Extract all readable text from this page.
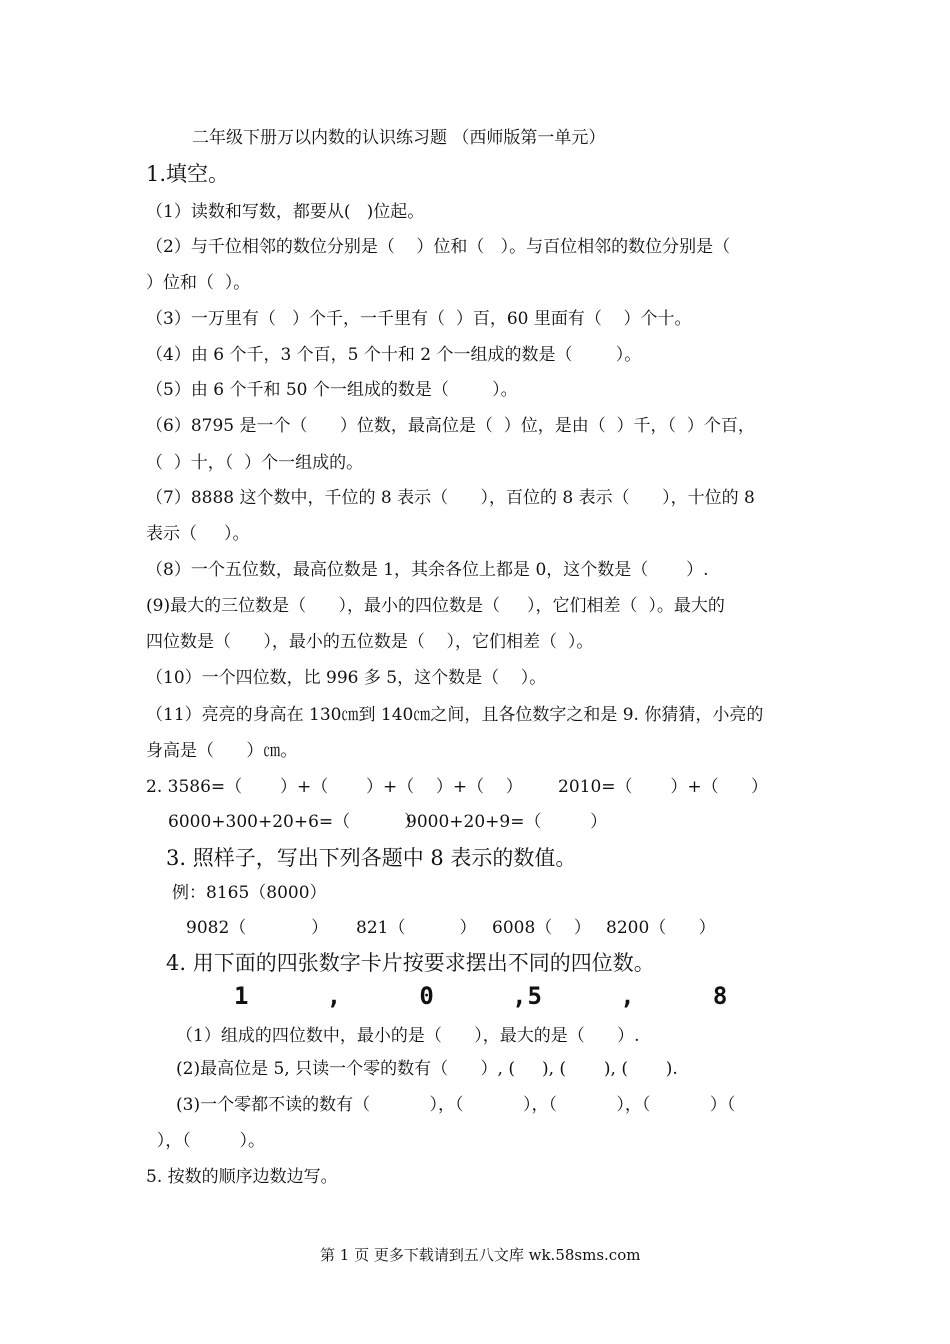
二年级下册万以内数的认识练习题 （西师版第一单元）
1.填空。
（1）读数和写数，都要从(   )位起。
（2）与千位相邻的数位分别是（    ）位和（   ）。与百位相邻的数位分别是（
）位和（  ）。
（3）一万里有（   ）个千，一千里有（  ）百，60 里面有（    ）个十。
（4）由 6 个千，3 个百，5 个十和 2 个一组成的数是（        ）。
（5）由 6 个千和 50 个一组成的数是（        ）。
（6）8795 是一个（      ）位数，最高位是（  ）位，是由（  ）千，（  ）个百，
（  ）十，（  ）个一组成的。
（7）8888 这个数中，千位的 8 表示（      ），百位的 8 表示（      ），十位的 8
表示（     ）。
（8）一个五位数，最高位数是 1，其余各位上都是 0，这个数是（       ）.
(9)最大的三位数是（      ），最小的四位数是（     ），它们相差（  ）。最大的
四位数是（      ），最小的五位数是（    ），它们相差（  ）。
（10）一个四位数，比 996 多 5，这个数是（    ）。
（11）亮亮的身高在 130㎝到 140㎝之间，且各位数字之和是 9. 你猜猜，小亮的
身高是（      ）㎝。
2. 3586=（       ）+（       ）+（    ）+（    ） 2010=（       ）+（      ）
6000+300+20+6=（          ）
9000+20+9=（         ）
3. 照样子，写出下列各题中 8 表示的数值。
例：8165（8000）
9082（            ） 821（          ） 6008（    ） 8200（      ）
4. 用下面的四张数字卡片按要求摆出不同的四位数。
1     ,     0     ,5     ,     8
（1）组成的四位数中，最小的是（      ），最大的是（      ）.
(2)最高位是 5, 只读一个零的数有（      ）, (     ), (       ), (       ).
(3)一个零都不读的数有（           ），（           ），（           ），（           ）（
），（         ）。
5. 按数的顺序边数边写。
第 1 页 更多下载请到五八文库 wk.58sms.com
